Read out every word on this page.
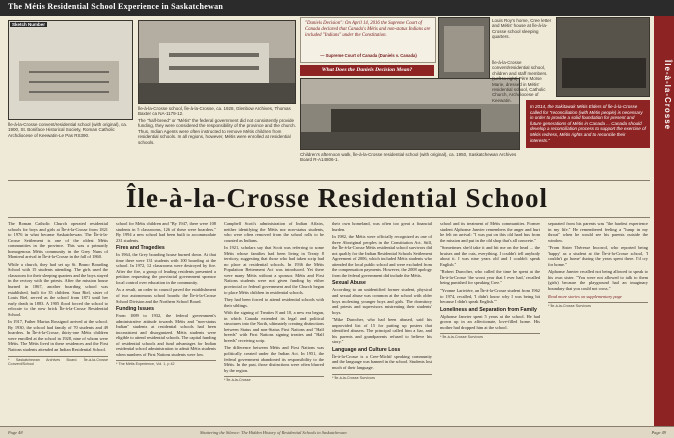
The Métis Residential School Experience in Saskatchewan
Île-à-la-Crosse
Sketch Number
Île-à-la-Crosse convent/residential school (with original), ca. 1900, St. Boniface Historical Society, Roman Catholic Archdiocese of Keewatin-Le Pas RS390.
Île-à-la-Crosse school, Île-à-la-Crosse, ca. 1928, Glenbow Archives, Thomas Baxter ca NA-1179-12.
The "half-breed" or "Métis" the federal government did not consistently provide funding, they were considered the responsibility of the province and the church. Thus, Indian Agents were often instructed to remove Métis children from residential schools. In all regions, however, Métis were enrolled at residential schools.

"Daniels Decision": On April 14, 2016 the Supreme Court of Canada declared that Canada's Métis and non-status Indians are included "Indians" under the Constitution.

— Supreme Court of Canada (Daniels v. Canada)
What Does the Daniels Decision Mean?
Louis Roy's home, Cree letter and Métis' house at Île-à-la-Crosse school sleeping quarters.
Children's afternoon walk, Île-à-la-Crosse residential school (with original), ca. 1950, Saskatchewan Archives Board R-A14806-1.
Île-à-la-Crosse convent/residential school, children and staff members. (Left to right) Père Moïse Marie, dressed in Métis' residential school, Catholic Church, Archdiocese of Keewatin.

In 2014, the Sakitawak Métis Elders of Île-à-la-Crosse called for "reconciliation (with Métis people) is necessary in order to provide a solid foundation for present and future generations of Métis in Canada ... Canada should develop a reconciliation process to support the exercise of Métis redress, Métis rights and to reconcile their interests."

Île-à-la-Crosse Residential School

The Roman Catholic Church operated residential schools for boys and girls at Île-à-la-Crosse from 1821 to 1976 in what became Saskatchewan. The Île-à-la-Crosse Settlement is one of the oldest Métis communities in the province. This was a primarily homogenous Métis community in the Grey Nuns of Montreal arrival in Île-à-la-Crosse in the fall of 1860.

While a church, they had set up St. Bruno Boarding School with 15 students attending. The girls used the classroom for their sleeping quarters and the boys stayed in the rectory with the priests. After the mission house burned in 1867, another boarding school was established, built for 35 children. Sara Riel, sister of Louis Riel, served as the school from 1871 until her early death in 1883. A 1905 flood forced the school to relocate to the new brick Île-à-la-Crosse Residential School.

In 1917, Father Marius Rossignol arrived at the school. By 1930, the school had family of 70 students and 49 boarders. In Île-à-la-Crosse, thirty-one Métis children were enrolled at the school in 1928, nine of whom were Métis. The Métis lived in these residences and the First Nations students attended an Indian Residential School.

* Saskatchewan Archives Board. Île-à-la-Crosse Convent/School

school for Métis children and "By 1947, there were 108 students in 5 classrooms, 126 of these were boarders." By 1994 a new school had been built to accommodate 231 students.

Fires and Tragedies

In 1964, the Grey boarding house burned down. At that time there were 131 students with 100 boarding at the school. In 1972, 12 classrooms were destroyed by fire. After the fire, a group of leading residents presented a petition requesting the provincial government sponsor local control over education in the community.

As a result, an order in council paved the establishment of two autonomous school boards: the Île-à-la-Crosse School Division and the Northern School Board.

Funding Issues

From 1889 to 1932, the federal government's administrative attitude towards Métis and "non-status Indian" students at residential schools had been inconsistent and disorganized. Métis students were eligible to attend residential schools. The capital funding of residential schools and fund advantages for Indian residential school administration to admit Métis students when numbers of First Nations students were low.

* The Métis Experience, Vol. 1, p 42

Campbell Scott's administration of Indian Affairs, neither identifying the Métis nor non-status students, who were often removed from the school rolls to be counted as Indians.

In 1921, scholars say that Scott was referring to some Métis whose families had been living in Treaty 8 territory, suggesting that those who had taken scrip had no place at residential schools. In 1936 the Métis Population Betterment Act was introduced. Yet there were many Métis without a sponsor. Métis and First Nations students were not given funding by either provincial or federal government and the Church began to place Métis children in residential schools.

They had been forced to attend residential schools with their siblings.

With the signing of Treaties 8 and 10, a new era began, in which Canada extended its legal and political structures into the North, ultimately creating distinctions between Status and non-Status First Nations and "Half breeds" with First Nations signing treaties and "Half breeds" receiving scrip.

The difference between Métis and First Nations was politically created under the Indian Act. In 1951, the federal government abandoned its responsibility to the Métis. In the past, those distinctions were often blurred by the region.

* Île-à-la-Crosse

their own homeland, was often too great a financial burden.

In 1982, the Métis were officially recognized as one of three Aboriginal peoples in the Constitution Act. Still, the Île-à-la-Crosse Métis residential school survivors did not qualify for the Indian Residential Schools Settlement Agreement of 2006, which included Métis students who attended the local public school and were excluded from the compensation payments. However, the 2008 apology from the federal government did include the Métis.

Sexual Abuse

According to an unidentified former student, physical and sexual abuse was common at the school with older boys molesting younger boys and girls. The dormitory and priests and supervisors mistreating their students' boys.

"Mike Durocher, who had been abused, said his unprovided list of 15 for putting up posters that identified abusers. The principal called him a liar, and his parents and grandparents refused to believe his story."

Language and Culture Loss

Île-à-la-Crosse is a Cree-Michif speaking community and the language was banned in the school. Students lost much of their language.

* Île-à-la-Crosse Survivors

school and its treatment of Métis communities. Former student Alphonse Janvier remembers the anger and hurt he felt on arrival: "I was put on this old hard bus from the mission and put in the old shop that's all concrete."

"Sometimes she'd take it and hit me on the head ... the bruises and the cuts, everything. I couldn't tell anybody about it. I was nine years old and I couldn't speak English."

"Robert Durocher, who called the time he spent at the Île-à-la-Crosse 'the worst year that I ever had,' recalled being punished for speaking Cree."

"Yvonne Larivière, an Île-à-la-Crosse student from 1962 to 1974, recalled, 'I didn't know why I was being hit because I didn't speak English.'"

Loneliness and Separation from Family

Alphonse Janvier spent 5 years at the school. He had grown up in an affectionate, love-filled home. His mother had dropped him at the school.

* Île-à-la-Crosse Survivors

separated from his parents was "the hardest experience in my life." He remembered feeling a "lump in my throat" when he would see his parents outside the window.

"From Sister Théresse Incorrol, who reported being 'happy' as a student at the Île-à-la-Crosse school, 'I couldn't go home' during the years spent there. I'd cry for home."

Alphonse Janvier recalled not being allowed to speak to his own sister. "You were not allowed to talk to them (girls) because the playground had an imaginary boundary that you could not cross."

Read more stories on supplementary page

* Île-à-la-Crosse Survivors
Page 48	Shattering the Silence: The Hidden History of Residential Schools in Saskatchewan	Page 49
